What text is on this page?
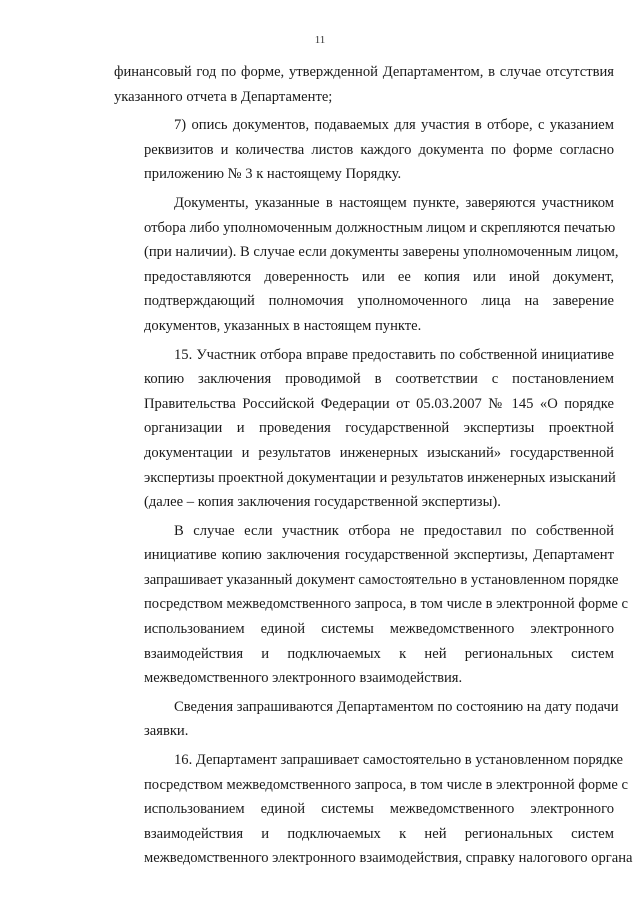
11

финансовый год по форме, утвержденной Департаментом, в случае отсутствия
указанного отчета в Департаменте;

7) опись документов, подаваемых для участия в отборе, с указанием
реквизитов и количества листов каждого документа по форме согласно
приложению № 3 к настоящему Порядку.

Документы, указанные в настоящем пункте, заверяются участником
отбора либо уполномоченным должностным лицом и скрепляются печатью
(при наличии). В случае если документы заверены уполномоченным лицом,
предоставляются доверенность или ее копия или иной документ,
подтверждающий полномочия уполномоченного лица на заверение
документов, указанных в настоящем пункте.

15. Участник отбора вправе предоставить по собственной инициативе
копию заключения проводимой в соответствии с постановлением
Правительства Российской Федерации от 05.03.2007 № 145 «О порядке
организации и проведения государственной экспертизы проектной
документации и результатов инженерных изысканий» государственной
экспертизы проектной документации и результатов инженерных изысканий
(далее – копия заключения государственной экспертизы).

В случае если участник отбора не предоставил по собственной
инициативе копию заключения государственной экспертизы, Департамент
запрашивает указанный документ самостоятельно в установленном порядке
посредством межведомственного запроса, в том числе в электронной форме с
использованием единой системы межведомственного электронного
взаимодействия и подключаемых к ней региональных систем
межведомственного электронного взаимодействия.

Сведения запрашиваются Департаментом по состоянию на дату подачи
заявки.

16. Департамент запрашивает самостоятельно в установленном порядке
посредством межведомственного запроса, в том числе в электронной форме с
использованием единой системы межведомственного электронного
взаимодействия и подключаемых к ней региональных систем
межведомственного электронного взаимодействия, справку налогового органа
